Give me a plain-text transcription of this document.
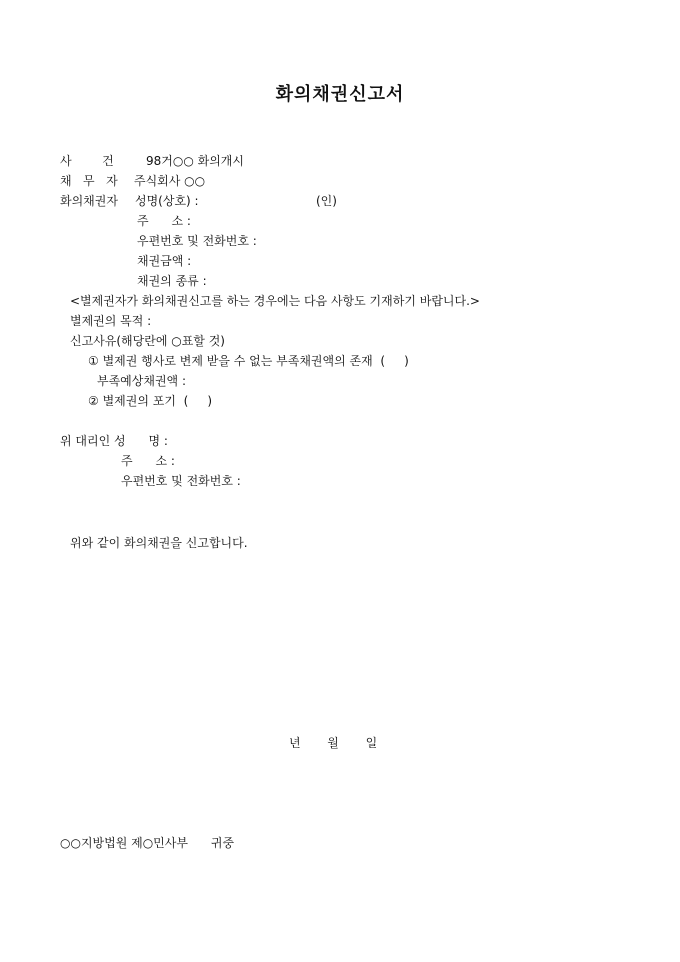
화의채권신고서
사        건	98거○○ 화의개시
채   무   자 주식회사 ○○
화의채권자 성명(상호) :	(인)
주      소 :
우편번호 및 전화번호 :
채권금액 :
채권의 종류 :
<별제권자가 화의채권신고를 하는 경우에는 다음 사항도 기재하기 바랍니다.>
별제권의 목적 :
신고사유(해당란에 ○표할 것)
① 별제권 행사로 변제 받을 수 없는 부족채권액의 존재  (     )
부족예상채권액 :
② 별제권의 포기  (     )
위 대리인 성      명 :
주      소 :
우편번호 및 전화번호 :
위와 같이 화의채권을 신고합니다.
년       월       일
○○지방법원 제○민사부      귀중
